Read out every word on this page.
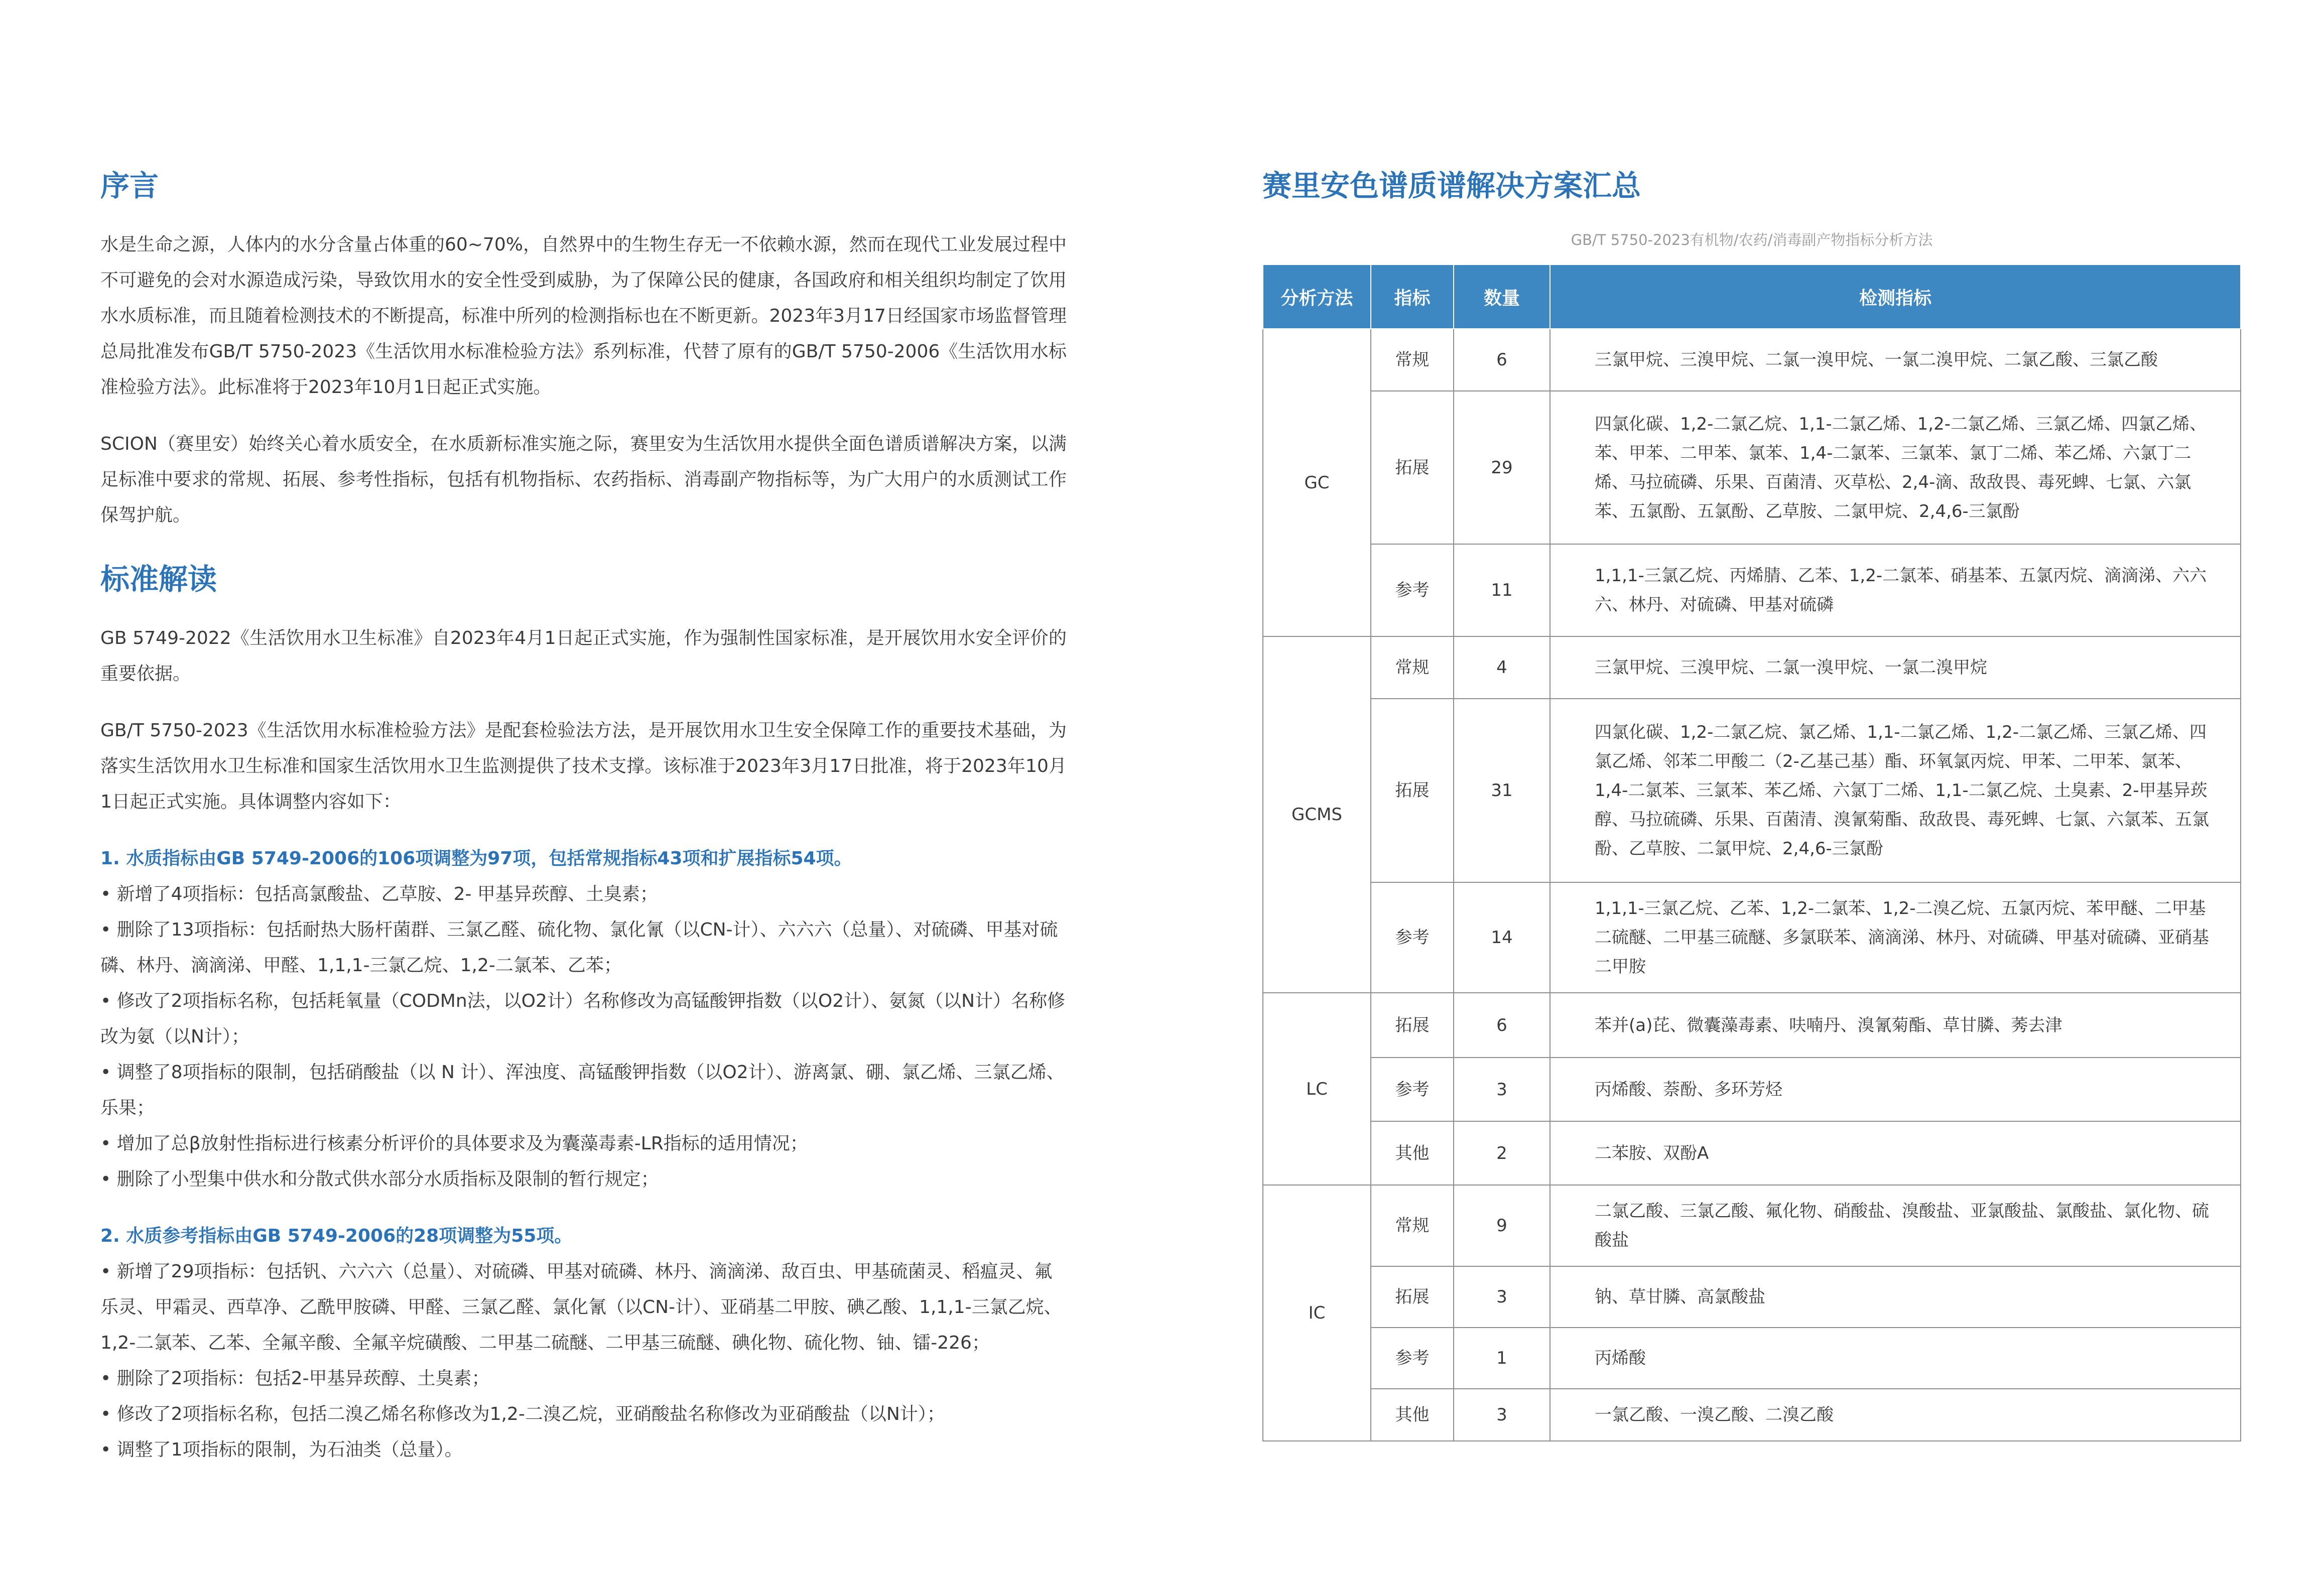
序言

水是生命之源，人体内的水分含量占体重的60~70%，自然界中的生物生存无一不依赖水源，然而在现代工业发展过程中不可避免的会对水源造成污染，导致饮用水的安全性受到威胁，为了保障公民的健康，各国政府和相关组织均制定了饮用水水质标准，而且随着检测技术的不断提高，标准中所列的检测指标也在不断更新。2023年3月17日经国家市场监督管理总局批准发布GB/T 5750-2023《生活饮用水标准检验方法》系列标准，代替了原有的GB/T 5750-2006《生活饮用水标准检验方法》。此标准将于2023年10月1日起正式实施。

SCION（赛里安）始终关心着水质安全，在水质新标准实施之际，赛里安为生活饮用水提供全面色谱质谱解决方案，以满足标准中要求的常规、拓展、参考性指标，包括有机物指标、农药指标、消毒副产物指标等，为广大用户的水质测试工作保驾护航。

标准解读

GB 5749-2022《生活饮用水卫生标准》自2023年4月1日起正式实施，作为强制性国家标准，是开展饮用水安全评价的重要依据。

GB/T 5750-2023《生活饮用水标准检验方法》是配套检验法方法，是开展饮用水卫生安全保障工作的重要技术基础，为落实生活饮用水卫生标准和国家生活饮用水卫生监测提供了技术支撑。该标准于2023年3月17日批准，将于2023年10月1日起正式实施。具体调整内容如下：

1. 水质指标由GB 5749-2006的106项调整为97项，包括常规指标43项和扩展指标54项。

• 新增了4项指标：包括高氯酸盐、乙草胺、2- 甲基异莰醇、土臭素；
• 删除了13项指标：包括耐热大肠杆菌群、三氯乙醛、硫化物、氯化氰（以CN-计）、六六六（总量）、对硫磷、甲基对硫磷、林丹、滴滴涕、甲醛、1,1,1-三氯乙烷、1,2-二氯苯、乙苯；
• 修改了2项指标名称，包括耗氧量（CODMn法，以O2计）名称修改为高锰酸钾指数（以O2计）、氨氮（以N计）名称修改为氨（以N计）；
• 调整了8项指标的限制，包括硝酸盐（以 N 计）、浑浊度、高锰酸钾指数（以O2计）、游离氯、硼、氯乙烯、三氯乙烯、乐果；
• 增加了总β放射性指标进行核素分析评价的具体要求及为囊藻毒素-LR指标的适用情况；
• 删除了小型集中供水和分散式供水部分水质指标及限制的暂行规定；

2. 水质参考指标由GB 5749-2006的28项调整为55项。

• 新增了29项指标：包括钒、六六六（总量）、对硫磷、甲基对硫磷、林丹、滴滴涕、敌百虫、甲基硫菌灵、稻瘟灵、氟乐灵、甲霜灵、西草净、乙酰甲胺磷、甲醛、三氯乙醛、氯化氰（以CN-计）、亚硝基二甲胺、碘乙酸、1,1,1-三氯乙烷、1,2-二氯苯、乙苯、全氟辛酸、全氟辛烷磺酸、二甲基二硫醚、二甲基三硫醚、碘化物、硫化物、铀、镭-226；
• 删除了2项指标：包括2-甲基异莰醇、土臭素；
• 修改了2项指标名称，包括二溴乙烯名称修改为1,2-二溴乙烷，亚硝酸盐名称修改为亚硝酸盐（以N计）；
• 调整了1项指标的限制，为石油类（总量）。
赛里安色谱质谱解决方案汇总

GB/T 5750-2023有机物/农药/消毒副产物指标分析方法

分析方法	指标	数量	检测指标
GC	常规	6	三氯甲烷、三溴甲烷、二氯一溴甲烷、一氯二溴甲烷、二氯乙酸、三氯乙酸
	拓展	29	四氯化碳、1,2-二氯乙烷、1,1-二氯乙烯、1,2-二氯乙烯、三氯乙烯、四氯乙烯、苯、甲苯、二甲苯、氯苯、1,4-二氯苯、三氯苯、氯丁二烯、苯乙烯、六氯丁二烯、马拉硫磷、乐果、百菌清、灭草松、2,4-滴、敌敌畏、毒死蜱、七氯、六氯苯、五氯酚、五氯酚、乙草胺、二氯甲烷、2,4,6-三氯酚
	参考	11	1,1,1-三氯乙烷、丙烯腈、乙苯、1,2-二氯苯、硝基苯、五氯丙烷、滴滴涕、六六六、林丹、对硫磷、甲基对硫磷
GCMS	常规	4	三氯甲烷、三溴甲烷、二氯一溴甲烷、一氯二溴甲烷
	拓展	31	四氯化碳、1,2-二氯乙烷、氯乙烯、1,1-二氯乙烯、1,2-二氯乙烯、三氯乙烯、四氯乙烯、邻苯二甲酸二（2-乙基己基）酯、环氧氯丙烷、甲苯、二甲苯、氯苯、1,4-二氯苯、三氯苯、苯乙烯、六氯丁二烯、1,1-二氯乙烷、土臭素、2-甲基异莰醇、马拉硫磷、乐果、百菌清、溴氰菊酯、敌敌畏、毒死蜱、七氯、六氯苯、五氯酚、乙草胺、二氯甲烷、2,4,6-三氯酚
	参考	14	1,1,1-三氯乙烷、乙苯、1,2-二氯苯、1,2-二溴乙烷、五氯丙烷、苯甲醚、二甲基二硫醚、二甲基三硫醚、多氯联苯、滴滴涕、林丹、对硫磷、甲基对硫磷、亚硝基二甲胺
LC	拓展	6	苯并(a)芘、微囊藻毒素、呋喃丹、溴氰菊酯、草甘膦、莠去津
	参考	3	丙烯酸、萘酚、多环芳烃
	其他	2	二苯胺、双酚A
IC	常规	9	二氯乙酸、三氯乙酸、氟化物、硝酸盐、溴酸盐、亚氯酸盐、氯酸盐、氯化物、硫酸盐
	拓展	3	钠、草甘膦、高氯酸盐
	参考	1	丙烯酸
	其他	3	一氯乙酸、一溴乙酸、二溴乙酸
